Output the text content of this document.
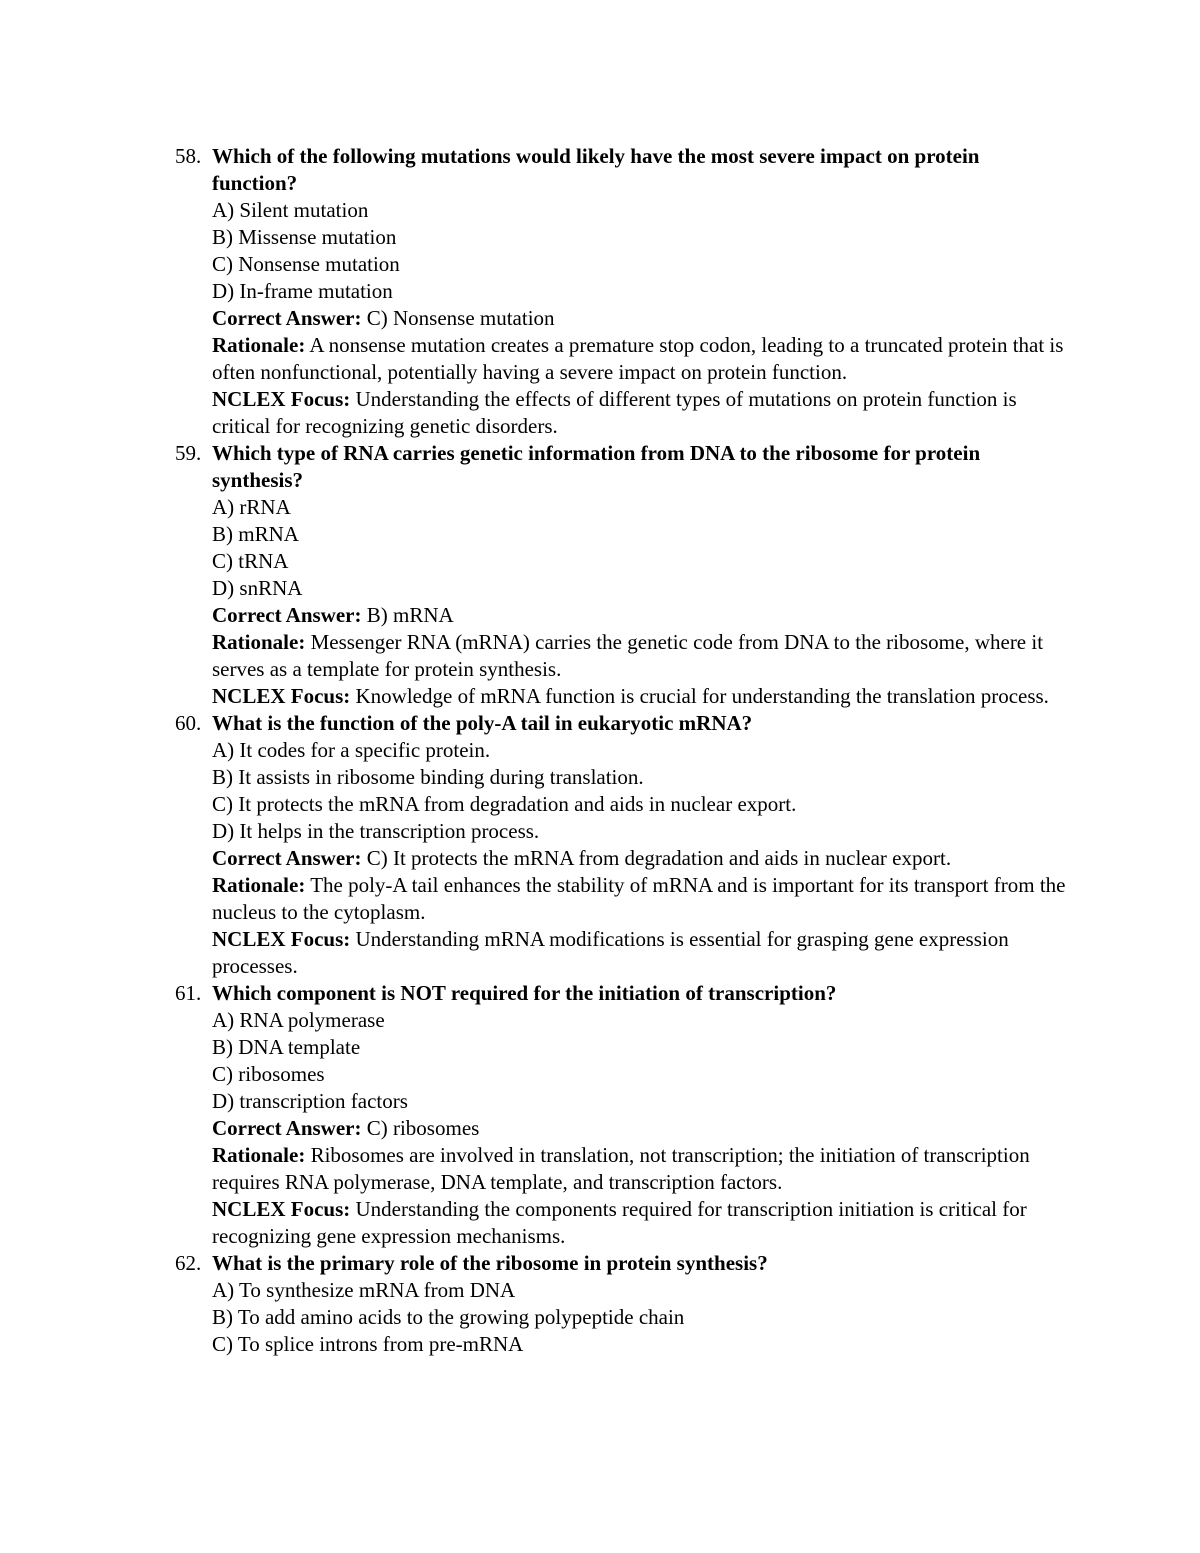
58. Which of the following mutations would likely have the most severe impact on protein function?
A) Silent mutation
B) Missense mutation
C) Nonsense mutation
D) In-frame mutation
Correct Answer: C) Nonsense mutation
Rationale: A nonsense mutation creates a premature stop codon, leading to a truncated protein that is often nonfunctional, potentially having a severe impact on protein function.
NCLEX Focus: Understanding the effects of different types of mutations on protein function is critical for recognizing genetic disorders.
59. Which type of RNA carries genetic information from DNA to the ribosome for protein synthesis?
A) rRNA
B) mRNA
C) tRNA
D) snRNA
Correct Answer: B) mRNA
Rationale: Messenger RNA (mRNA) carries the genetic code from DNA to the ribosome, where it serves as a template for protein synthesis.
NCLEX Focus: Knowledge of mRNA function is crucial for understanding the translation process.
60. What is the function of the poly-A tail in eukaryotic mRNA?
A) It codes for a specific protein.
B) It assists in ribosome binding during translation.
C) It protects the mRNA from degradation and aids in nuclear export.
D) It helps in the transcription process.
Correct Answer: C) It protects the mRNA from degradation and aids in nuclear export.
Rationale: The poly-A tail enhances the stability of mRNA and is important for its transport from the nucleus to the cytoplasm.
NCLEX Focus: Understanding mRNA modifications is essential for grasping gene expression processes.
61. Which component is NOT required for the initiation of transcription?
A) RNA polymerase
B) DNA template
C) ribosomes
D) transcription factors
Correct Answer: C) ribosomes
Rationale: Ribosomes are involved in translation, not transcription; the initiation of transcription requires RNA polymerase, DNA template, and transcription factors.
NCLEX Focus: Understanding the components required for transcription initiation is critical for recognizing gene expression mechanisms.
62. What is the primary role of the ribosome in protein synthesis?
A) To synthesize mRNA from DNA
B) To add amino acids to the growing polypeptide chain
C) To splice introns from pre-mRNA
